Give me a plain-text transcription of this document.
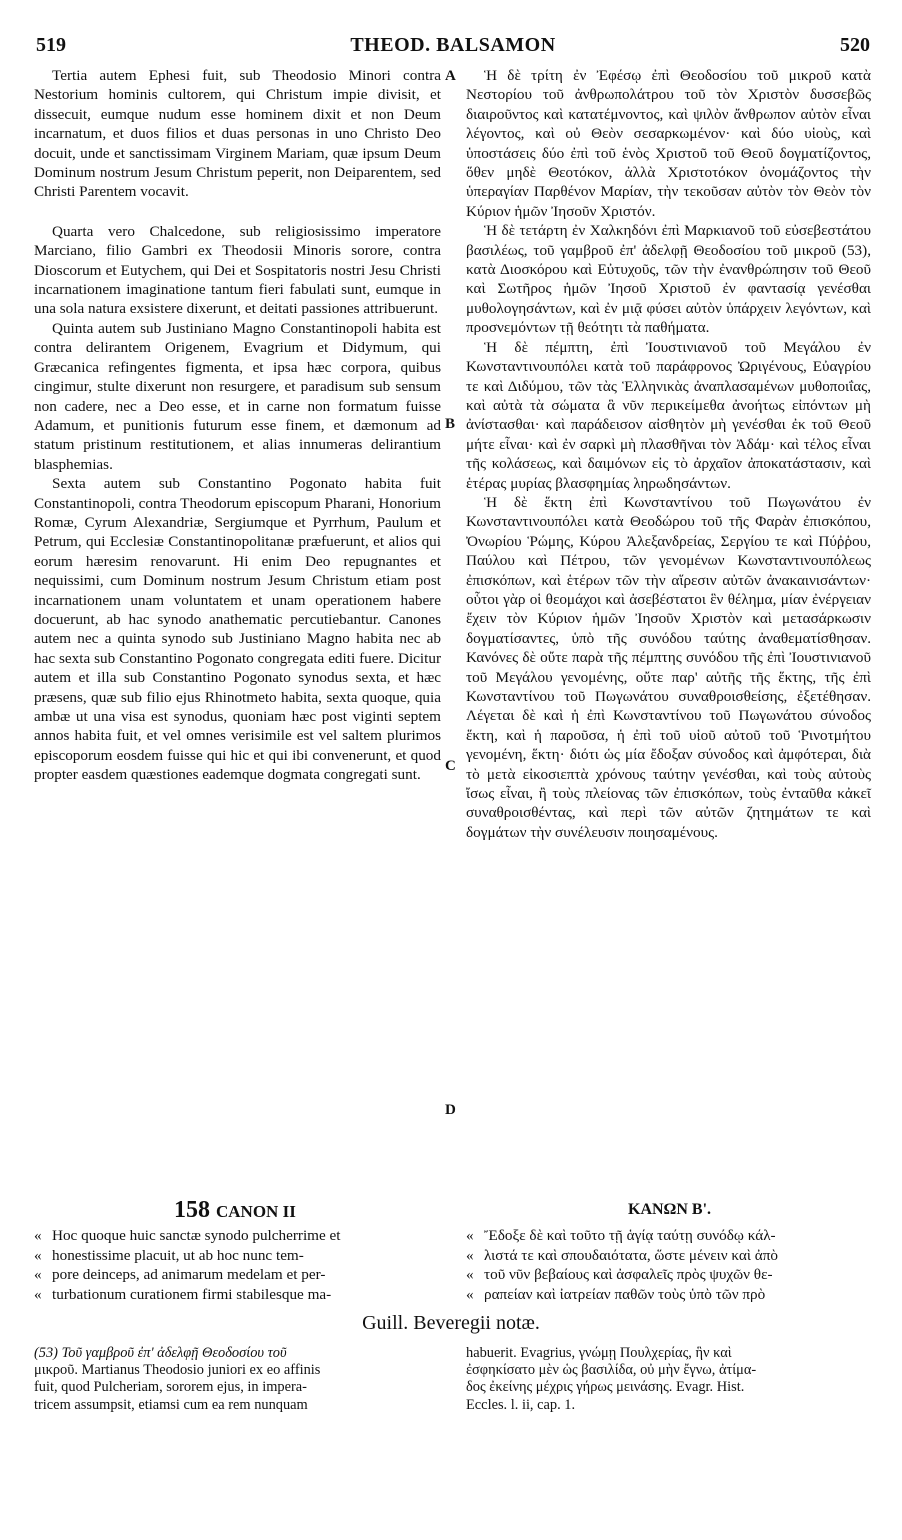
519	THEOD. BALSAMON	520

Tertia autem Ephesi fuit, sub Theodosio Minori contra Nestorium hominis cultorem, qui Christum impie divisit, et dissecuit, eumque nudum esse hominem dixit et non Deum incarnatum, et duos filios et duas personas in uno Christo Deo docuit, unde et sanctissimam Virginem Mariam, quæ ipsum Deum Dominum nostrum Jesum Christum peperit, non Deiparentem, sed Christi Parentem vocavit.

Quarta vero Chalcedone, sub religiosissimo imperatore Marciano, filio Gambri ex Theodosii Minoris sorore, contra Dioscorum et Eutychem, qui Dei et Sospitatoris nostri Jesu Christi incarnationem imaginatione tantum fieri fabulati sunt, eumque in una sola natura exsistere dixerunt, et deitati passiones attribuerunt.

Quinta autem sub Justiniano Magno Constantinopoli habita est contra delirantem Origenem, Evagrium et Didymum, qui Græcanica refingentes figmenta, et ipsa hæc corpora, quibus cingimur, stulte dixerunt non resurgere, et paradisum sub sensum non cadere, nec a Deo esse, et in carne non formatum fuisse Adamum, et punitionis futurum esse finem, et dæmonum ad statum pristinum restitutionem, et alias innumeras delirantium blasphemias.

Sexta autem sub Constantino Pogonato habita fuit Constantinopoli, contra Theodorum episcopum Pharani, Honorium Romæ, Cyrum Alexandriæ, Sergiumque et Pyrrhum, Paulum et Petrum, qui Ecclesiæ Constantinopolitanæ præfuerunt, et alios qui eorum hæresim renovarunt. Hi enim Deo repugnantes et nequissimi, cum Dominum nostrum Jesum Christum etiam post incarnationem unam voluntatem et unam operationem habere docuerunt, ab hac synodo anathematic percutiebantur. Canones autem nec a quinta synodo sub Justiniano Magno habita nec ab hac sexta sub Constantino Pogonato congregata editi fuere. Dicitur autem et illa sub Constantino Pogonato synodus sexta, et hæc præsens, quæ sub filio ejus Rhinotmeto habita, sexta quoque, quia ambæ ut una visa est synodus, quoniam hæc post viginti septem annos habita fuit, et vel omnes verisimile est vel saltem plurimos episcoporum eosdem fuisse qui hic et qui ibi convenerunt, et quod propter easdem quæstiones eademque dogmata congregati sunt.

Ἡ δὲ τρίτη ἐν Ἐφέσῳ ἐπὶ Θεοδοσίου τοῦ μικροῦ κατὰ Νεστορίου τοῦ ἀνθρωπολάτρου τοῦ τὸν Χριστὸν δυσσεβῶς διαιροῦντος καὶ κατατέμνοντος, καὶ ψιλὸν ἄνθρωπον αὐτὸν εἶναι λέγοντος, καὶ οὐ Θεὸν σεσαρκωμένον· καὶ δύο υἱοὺς, καὶ ὑποστάσεις δύο ἐπὶ τοῦ ἑνὸς Χριστοῦ τοῦ Θεοῦ δογματίζοντος, ὅθεν μηδὲ Θεοτόκον, ἀλλὰ Χριστοτόκον ὀνομάζοντος τὴν ὑπεραγίαν Παρθένον Μαρίαν, τὴν τεκοῦσαν αὐτὸν τὸν Θεὸν τὸν Κύριον ἡμῶν Ἰησοῦν Χριστόν.

Ἡ δὲ τετάρτη ἐν Χαλκηδόνι ἐπὶ Μαρκιανοῦ τοῦ εὐσεβεστάτου βασιλέως, τοῦ γαμβροῦ ἐπ' ἀδελφῇ Θεοδοσίου τοῦ μικροῦ (53), κατὰ Διοσκόρου καὶ Εὐτυχοῦς, τῶν τὴν ἐνανθρώπησιν τοῦ Θεοῦ καὶ Σωτῆρος ἡμῶν Ἰησοῦ Χριστοῦ ἐν φαντασίᾳ γενέσθαι μυθολογησάντων, καὶ ἐν μιᾷ φύσει αὐτὸν ὑπάρχειν λεγόντων, καὶ προσνεμόντων τῇ θεότητι τὰ παθήματα.

Ἡ δὲ πέμπτη, ἐπὶ Ἰουστινιανοῦ τοῦ Μεγάλου ἐν Κωνσταντινουπόλει κατὰ τοῦ παράφρονος Ὠριγένους, Εὐαγρίου τε καὶ Διδύμου, τῶν τὰς Ἑλληνικὰς ἀναπλασαμένων μυθοποιΐας, καὶ αὐτὰ τὰ σώματα ἃ νῦν περικείμεθα ἀνοήτως εἰπόντων μὴ ἀνίστασθαι· καὶ παράδεισον αἰσθητὸν μὴ γενέσθαι ἐκ τοῦ Θεοῦ μήτε εἶναι· καὶ ἐν σαρκὶ μὴ πλασθῆναι τὸν Ἀδάμ· καὶ τέλος εἶναι τῆς κολάσεως, καὶ δαιμόνων εἰς τὸ ἀρχαῖον ἀποκατάστασιν, καὶ ἑτέρας μυρίας βλασφημίας ληρωδησάντων.

Ἡ δὲ ἕκτη ἐπὶ Κωνσταντίνου τοῦ Πωγωνάτου ἐν Κωνσταντινουπόλει κατὰ Θεοδώρου τοῦ τῆς Φαρὰν ἐπισκόπου, Ὀνωρίου Ῥώμης, Κύρου Ἀλεξανδρείας, Σεργίου τε καὶ Πύῤῥου, Παύλου καὶ Πέτρου, τῶν γενομένων Κωνσταντινουπόλεως ἐπισκόπων, καὶ ἑτέρων τῶν τὴν αἵρεσιν αὐτῶν ἀνακαινισάντων· οὗτοι γὰρ οἱ θεομάχοι καὶ ἀσεβέστατοι ἓν θέλημα, μίαν ἐνέργειαν ἔχειν τὸν Κύριον ἡμῶν Ἰησοῦν Χριστὸν καὶ μετασάρκωσιν δογματίσαντες, ὑπὸ τῆς συνόδου ταύτης ἀναθεματίσθησαν. Κανόνες δὲ οὔτε παρὰ τῆς πέμπτης συνόδου τῆς ἐπὶ Ἰουστινιανοῦ τοῦ Μεγάλου γενομένης, οὔτε παρ' αὐτῆς τῆς ἕκτης, τῆς ἐπὶ Κωνσταντίνου τοῦ Πωγωνάτου συναθροισθείσης, ἐξετέθησαν. Λέγεται δὲ καὶ ἡ ἐπὶ Κωνσταντίνου τοῦ Πωγωνάτου σύνοδος ἕκτη, καὶ ἡ παροῦσα, ἡ ἐπὶ τοῦ υἱοῦ αὐτοῦ τοῦ Ῥινοτμήτου γενομένη, ἕκτη· διότι ὡς μία ἔδοξαν σύνοδος καὶ ἀμφότεραι, διὰ τὸ μετὰ εἰκοσιεπτὰ χρόνους ταύτην γενέσθαι, καὶ τοὺς αὐτοὺς ἴσως εἶναι, ἢ τοὺς πλείονας τῶν ἐπισκόπων, τοὺς ἐνταῦθα κἀκεῖ συναθροισθέντας, καὶ περὶ τῶν αὐτῶν ζητημάτων τε καὶ δογμάτων τὴν συνέλευσιν ποιησαμένους.

A
B
C
D
158 CANON II	ΚΑΝΩΝ Β'.
« Hoc quoque huic sanctæ synodo pulcherrime et
« honestissime placuit, ut ab hoc nunc tem-
« pore deinceps, ad animarum medelam et per-
« turbationum curationem firmi stabilesque ma-
« Ἔδοξε δὲ καὶ τοῦτο τῇ ἁγίᾳ ταύτῃ συνόδῳ κάλ-
« λιστά τε καὶ σπουδαιότατα, ὥστε μένειν καὶ ἀπὸ
« τοῦ νῦν βεβαίους καὶ ἀσφαλεῖς πρὸς ψυχῶν θε-
« ραπείαν καὶ ἰατρείαν παθῶν τοὺς ὑπὸ τῶν πρὸ
Guill. Beveregii notæ.
(53) Τοῦ γαμβροῦ ἐπ' ἀδελφῇ Θεοδοσίου τοῦ
μικροῦ. Martianus Theodosio juniori ex eo affinis
fuit, quod Pulcheriam, sororem ejus, in impera-
tricem assumpsit, etiamsi cum ea rem nunquam
habuerit. Evagrius, γνώμῃ Πουλχερίας, ἣν καὶ
ἐσφηκίσατο μὲν ὡς βασιλίδα, οὐ μὴν ἔγνω, ἀτίμα-
δος ἐκείνης μέχρις γήρως μεινάσης. Evagr. Hist.
Eccles. l. ii, cap. 1.
